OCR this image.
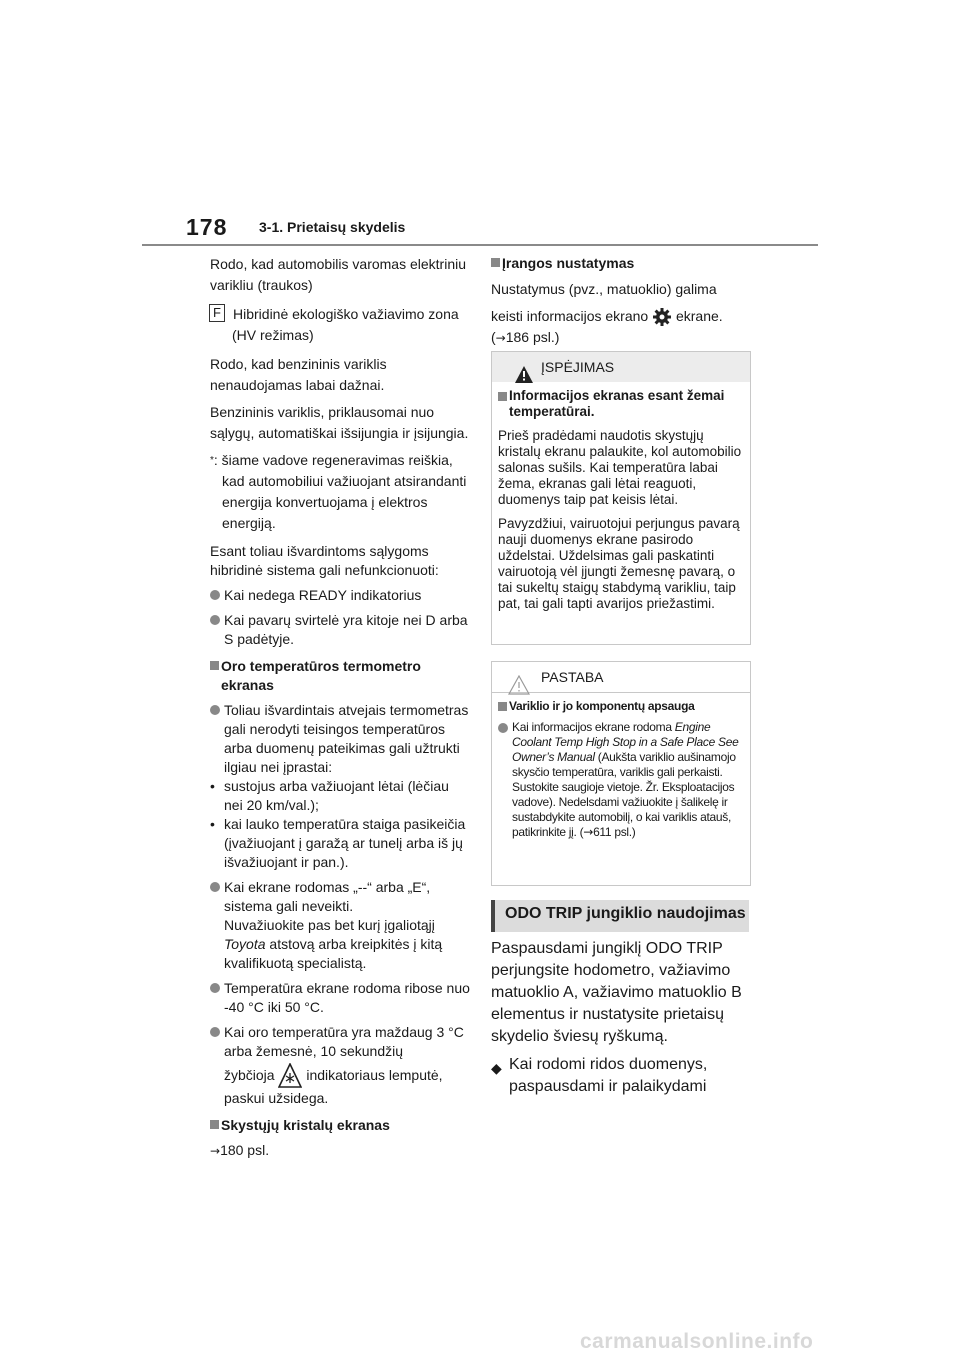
178 3-1. Prietaisų skydelis

Rodo, kad automobilis varomas elektriniu varikliu (traukos)

F Hibridinė ekologiško važiavimo zona

(HV režimas)

Rodo, kad benzininis variklis nenaudojamas labai dažnai.

Benzininis variklis, priklausomai nuo sąlygų, automatiškai išsijungia ir įsijungia.

*: šiame vadove regeneravimas reiškia, kad automobiliui važiuojant atsirandanti energija konvertuojama į elektros energiją.

Esant toliau išvardintoms sąlygoms hibridinė sistema gali nefunkcionuoti:

Kai nedega READY indikatorius
Kai pavarų svirtelė yra kitoje nei D arba S padėtyje.
Oro temperatūros termometro ekranas
Toliau išvardintais atvejais termometras gali nerodyti teisingos temperatūros arba duomenų pateikimas gali užtrukti ilgiau nei įprastai:
• sustojus arba važiuojant lėtai (lėčiau nei 20 km/val.);
• kai lauko temperatūra staiga pasikeičia (įvažiuojant į garažą ar tunelį arba iš jų išvažiuojant ir pan.).
Kai ekrane rodomas „--“ arba „E“, sistema gali neveikti.
Nuvažiuokite pas bet kurį įgaliotąjį
Toyota atstovą arba kreipkitės į kitą kvalifikuotą specialistą.
Temperatūra ekrane rodoma ribose nuo -40 °C iki 50 °C.
Kai oro temperatūra yra maždaug 3 °C arba žemesnė, 10 sekundžių
žybčioja indikatoriaus lemputė, paskui užsidega.
Skystųjų kristalų ekranas

→180 psl.

Įrangos nustatymas

Nustatymus (pvz., matuoklio) galima

keisti informacijos ekrano ekrane.

(→186 psl.)

ĮSPĖJIMAS
Informacijos ekranas esant žemai temperatūrai.

Prieš pradėdami naudotis skystųjų kristalų ekranu palaukite, kol automobilio salonas sušils. Kai temperatūra labai žema, ekranas gali lėtai reaguoti, duomenys taip pat keisis lėtai.

Pavyzdžiui, vairuotojui perjungus pavarą nauji duomenys ekrane pasirodo uždelstai. Uždelsimas gali paskatinti vairuotoją vėl įjungti žemesnę pavarą, o tai sukeltų staigų stabdymą varikliu, taip pat, tai gali tapti avarijos priežastimi.

PASTABA
Variklio ir jo komponentų apsauga
Kai informacijos ekrane rodoma Engine Coolant Temp High Stop in a Safe Place See Owner’s Manual (Aukšta variklio aušinamojo skysčio temperatūra, variklis gali perkaisti. Sustokite saugioje vietoje. Žr. Eksploatacijos vadove). Nedelsdami važiuokite į šalikelę ir sustabdykite automobilį, o kai variklis atauš, patikrinkite jį. (→611 psl.)
ODO TRIP jungiklio naudojimas

Paspausdami jungiklį ODO TRIP perjungsite hodometro, važiavimo matuoklio A, važiavimo matuoklio B elementus ir nustatysite prietaisų skydelio šviesų ryškumą.

◆ Kai rodomi ridos duomenys, paspausdami ir palaikydami
carmanualsonline.info
